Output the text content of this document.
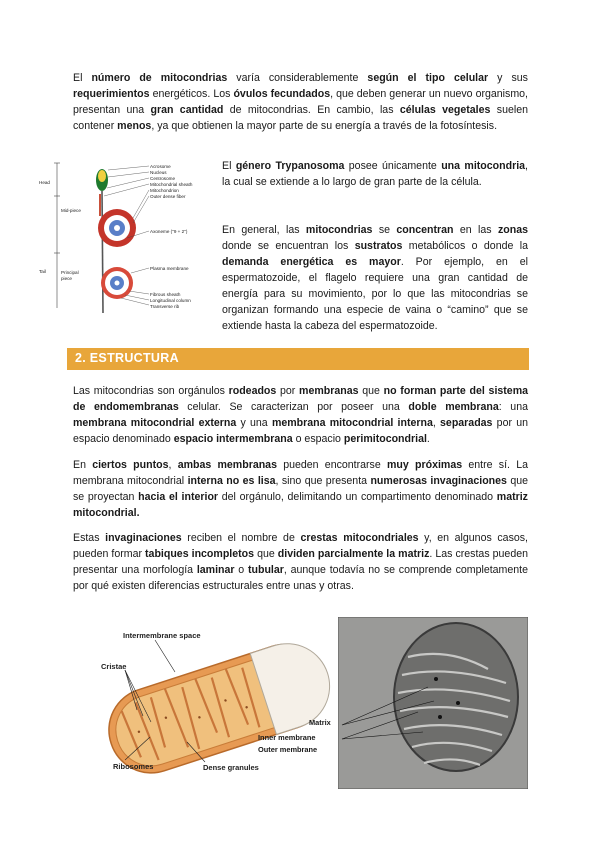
El número de mitocondrias varía considerablemente según el tipo celular y sus requerimientos energéticos. Los óvulos fecundados, que deben generar un nuevo organismo, presentan una gran cantidad de mitocondrias. En cambio, las células vegetales suelen contener menos, ya que obtienen la mayor parte de su energía a través de la fotosíntesis.

Head
Mid-piece
Tail	Principal
piece
Acrosome
Nucleus
Centrosome
Mitochondrial sheath
Mitochondrion
Outer dense fiber
Axoneme ("9 + 2")
Plasma membrane
Fibrous sheath
Longitudinal column
Transverse rib

El género Trypanosoma posee únicamente una mitocondria, la cual se extiende a lo largo de gran parte de la célula.

En general, las mitocondrias se concentran en las zonas donde se encuentran los sustratos metabólicos o donde la demanda energética es mayor. Por ejemplo, en el espermatozoide, el flagelo requiere una gran cantidad de energía para su movimiento, por lo que las mitocondrias se organizan formando una especie de vaina o “camino” que se extiende hasta la cabeza del espermatozoide.

2. ESTRUCTURA

Las mitocondrias son orgánulos rodeados por membranas que no forman parte del sistema de endomembranas celular. Se caracterizan por poseer una doble membrana: una membrana mitocondrial externa y una membrana mitocondrial interna, separadas por un espacio denominado espacio intermembrana o espacio perimitocondrial.

En ciertos puntos, ambas membranas pueden encontrarse muy próximas entre sí. La membrana mitocondrial interna no es lisa, sino que presenta numerosas invaginaciones que se proyectan hacia el interior del orgánulo, delimitando un compartimento denominado matriz mitocondrial.

Estas invaginaciones reciben el nombre de crestas mitocondriales y, en algunos casos, pueden formar tabiques incompletos que dividen parcialmente la matriz. Las crestas pueden presentar una morfología laminar o tubular, aunque todavía no se comprende completamente por qué existen diferencias estructurales entre unas y otras.

Intermembrane space
Cristae
Ribosomes	Dense granules
Matrix
Inner membrane
Outer membrane
